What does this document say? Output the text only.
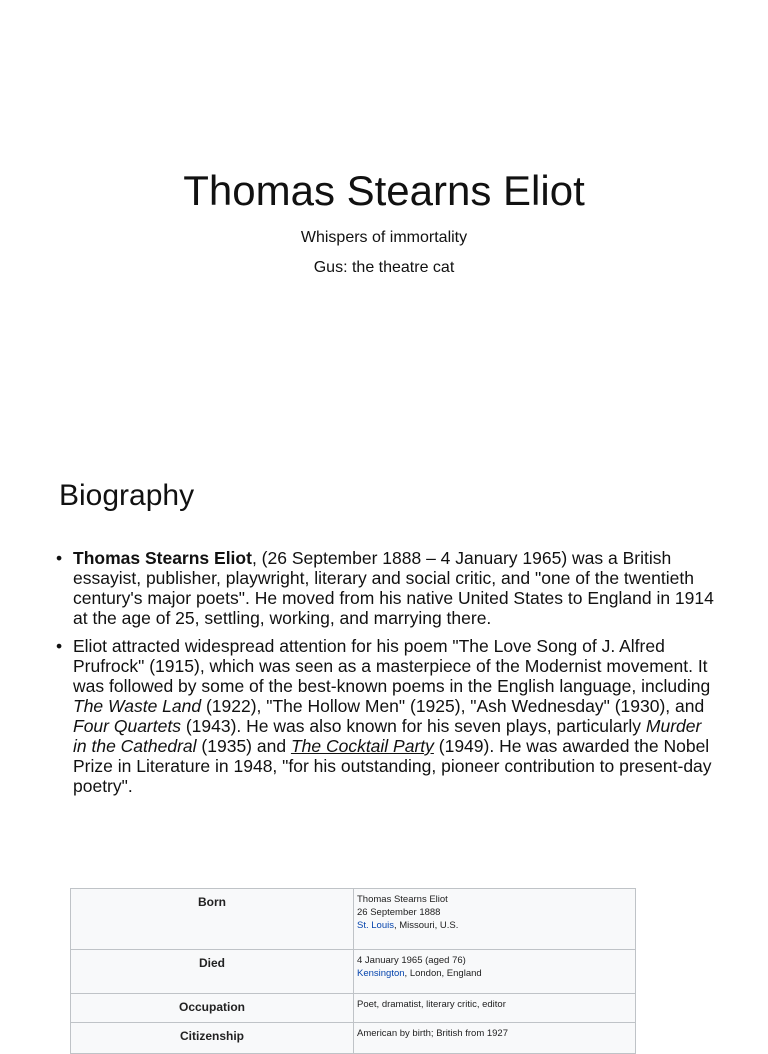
Thomas Stearns Eliot
Whispers of immortality
Gus: the theatre cat
Biography
• Thomas Stearns Eliot, (26 September 1888 – 4 January 1965) was a British essayist, publisher, playwright, literary and social critic, and "one of the twentieth century's major poets". He moved from his native United States to England in 1914 at the age of 25, settling, working, and marrying there.
• Eliot attracted widespread attention for his poem "The Love Song of J. Alfred Prufrock" (1915), which was seen as a masterpiece of the Modernist movement. It was followed by some of the best-known poems in the English language, including The Waste Land (1922), "The Hollow Men" (1925), "Ash Wednesday" (1930), and Four Quartets (1943). He was also known for his seven plays, particularly Murder in the Cathedral (1935) and The Cocktail Party (1949). He was awarded the Nobel Prize in Literature in 1948, "for his outstanding, pioneer contribution to present-day poetry".
Born	Thomas Stearns Eliot
26 September 1888
St. Louis, Missouri, U.S.

Died	4 January 1965 (aged 76)
Kensington, London, England

Occupation	Poet, dramatist, literary critic, editor
Citizenship	American by birth; British from 1927
